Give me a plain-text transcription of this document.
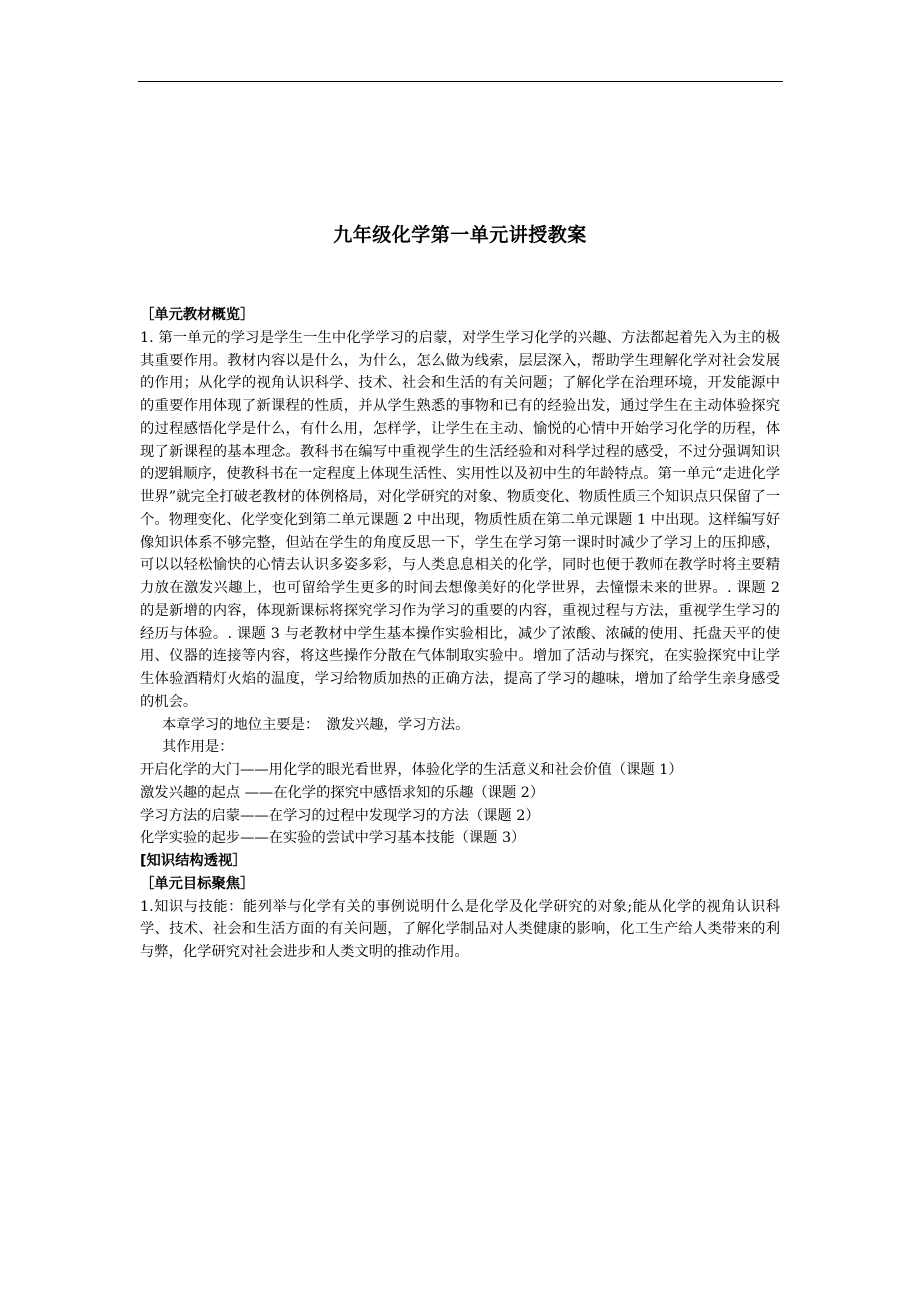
九年级化学第一单元讲授教案
［单元教材概览］

1. 第一单元的学习是学生一生中化学学习的启蒙，对学生学习化学的兴趣、方法都起着先入为主的极其重要作用。教材内容以是什么，为什么，怎么做为线索，层层深入，帮助学生理解化学对社会发展的作用；从化学的视角认识科学、技术、社会和生活的有关问题；了解化学在治理环境，开发能源中的重要作用体现了新课程的性质，并从学生熟悉的事物和已有的经验出发，通过学生在主动体验探究的过程感悟化学是什么，有什么用，怎样学，让学生在主动、愉悦的心情中开始学习化学的历程，体现了新课程的基本理念。教科书在编写中重视学生的生活经验和对科学过程的感受，不过分强调知识的逻辑顺序，使教科书在一定程度上体现生活性、实用性以及初中生的年龄特点。第一单元“走进化学世界”就完全打破老教材的体例格局，对化学研究的对象、物质变化、物质性质三个知识点只保留了一个。物理变化、化学变化到第二单元课题 2 中出现，物质性质在第二单元课题 1 中出现。这样编写好像知识体系不够完整，但站在学生的角度反思一下，学生在学习第一课时时减少了学习上的压抑感，可以以轻松愉快的心情去认识多姿多彩，与人类息息相关的化学，同时也便于教师在教学时将主要精力放在激发兴趣上，也可留给学生更多的时间去想像美好的化学世界，去憧憬未来的世界。. 课题 2 的是新增的内容，体现新课标将探究学习作为学习的重要的内容，重视过程与方法，重视学生学习的经历与体验。. 课题 3 与老教材中学生基本操作实验相比，减少了浓酸、浓碱的使用、托盘天平的使用、仪器的连接等内容，将这些操作分散在气体制取实验中。增加了活动与探究，在实验探究中让学生体验酒精灯火焰的温度，学习给物质加热的正确方法，提高了学习的趣味，增加了给学生亲身感受的机会。

本章学习的地位主要是：　激发兴趣，学习方法。

其作用是：

开启化学的大门——用化学的眼光看世界，体验化学的生活意义和社会价值（课题 1）

激发兴趣的起点 ——在化学的探究中感悟求知的乐趣（课题 2）

学习方法的启蒙——在学习的过程中发现学习的方法（课题 2）

化学实验的起步——在实验的尝试中学习基本技能（课题 3）

[知识结构透视］
［单元目标聚焦］

1.知识与技能：能列举与化学有关的事例说明什么是化学及化学研究的对象;能从化学的视角认识科学、技术、社会和生活方面的有关问题，了解化学制品对人类健康的影响，化工生产给人类带来的利与弊，化学研究对社会进步和人类文明的推动作用。
